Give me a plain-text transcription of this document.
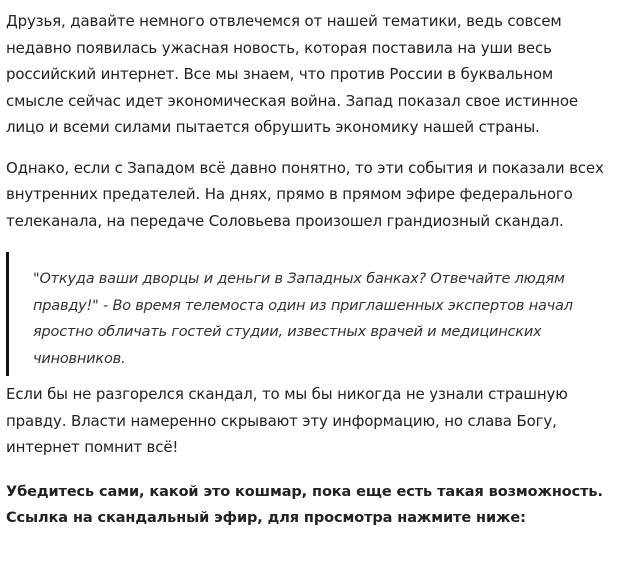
Друзья, давайте немного отвлечемся от нашей тематики, ведь совсем недавно появилась ужасная новость, которая поставила на уши весь российский интернет. Все мы знаем, что против России в буквальном смысле сейчас идет экономическая война. Запад показал свое истинное лицо и всеми силами пытается обрушить экономику нашей страны.

Однако, если с Западом всё давно понятно, то эти события и показали всех внутренних предателей. На днях, прямо в прямом эфире федерального телеканала, на передаче Соловьева произошел грандиозный скандал.

"Откуда ваши дворцы и деньги в Западных банках? Отвечайте людям правду!" - Во время телемоста один из приглашенных экспертов начал яростно обличать гостей студии, известных врачей и медицинских чиновников.

Если бы не разгорелся скандал, то мы бы никогда не узнали страшную правду. Власти намеренно скрывают эту информацию, но слава Богу, интернет помнит всё!

Убедитесь сами, какой это кошмар, пока еще есть такая возможность. Ссылка на скандальный эфир, для просмотра нажмите ниже:
